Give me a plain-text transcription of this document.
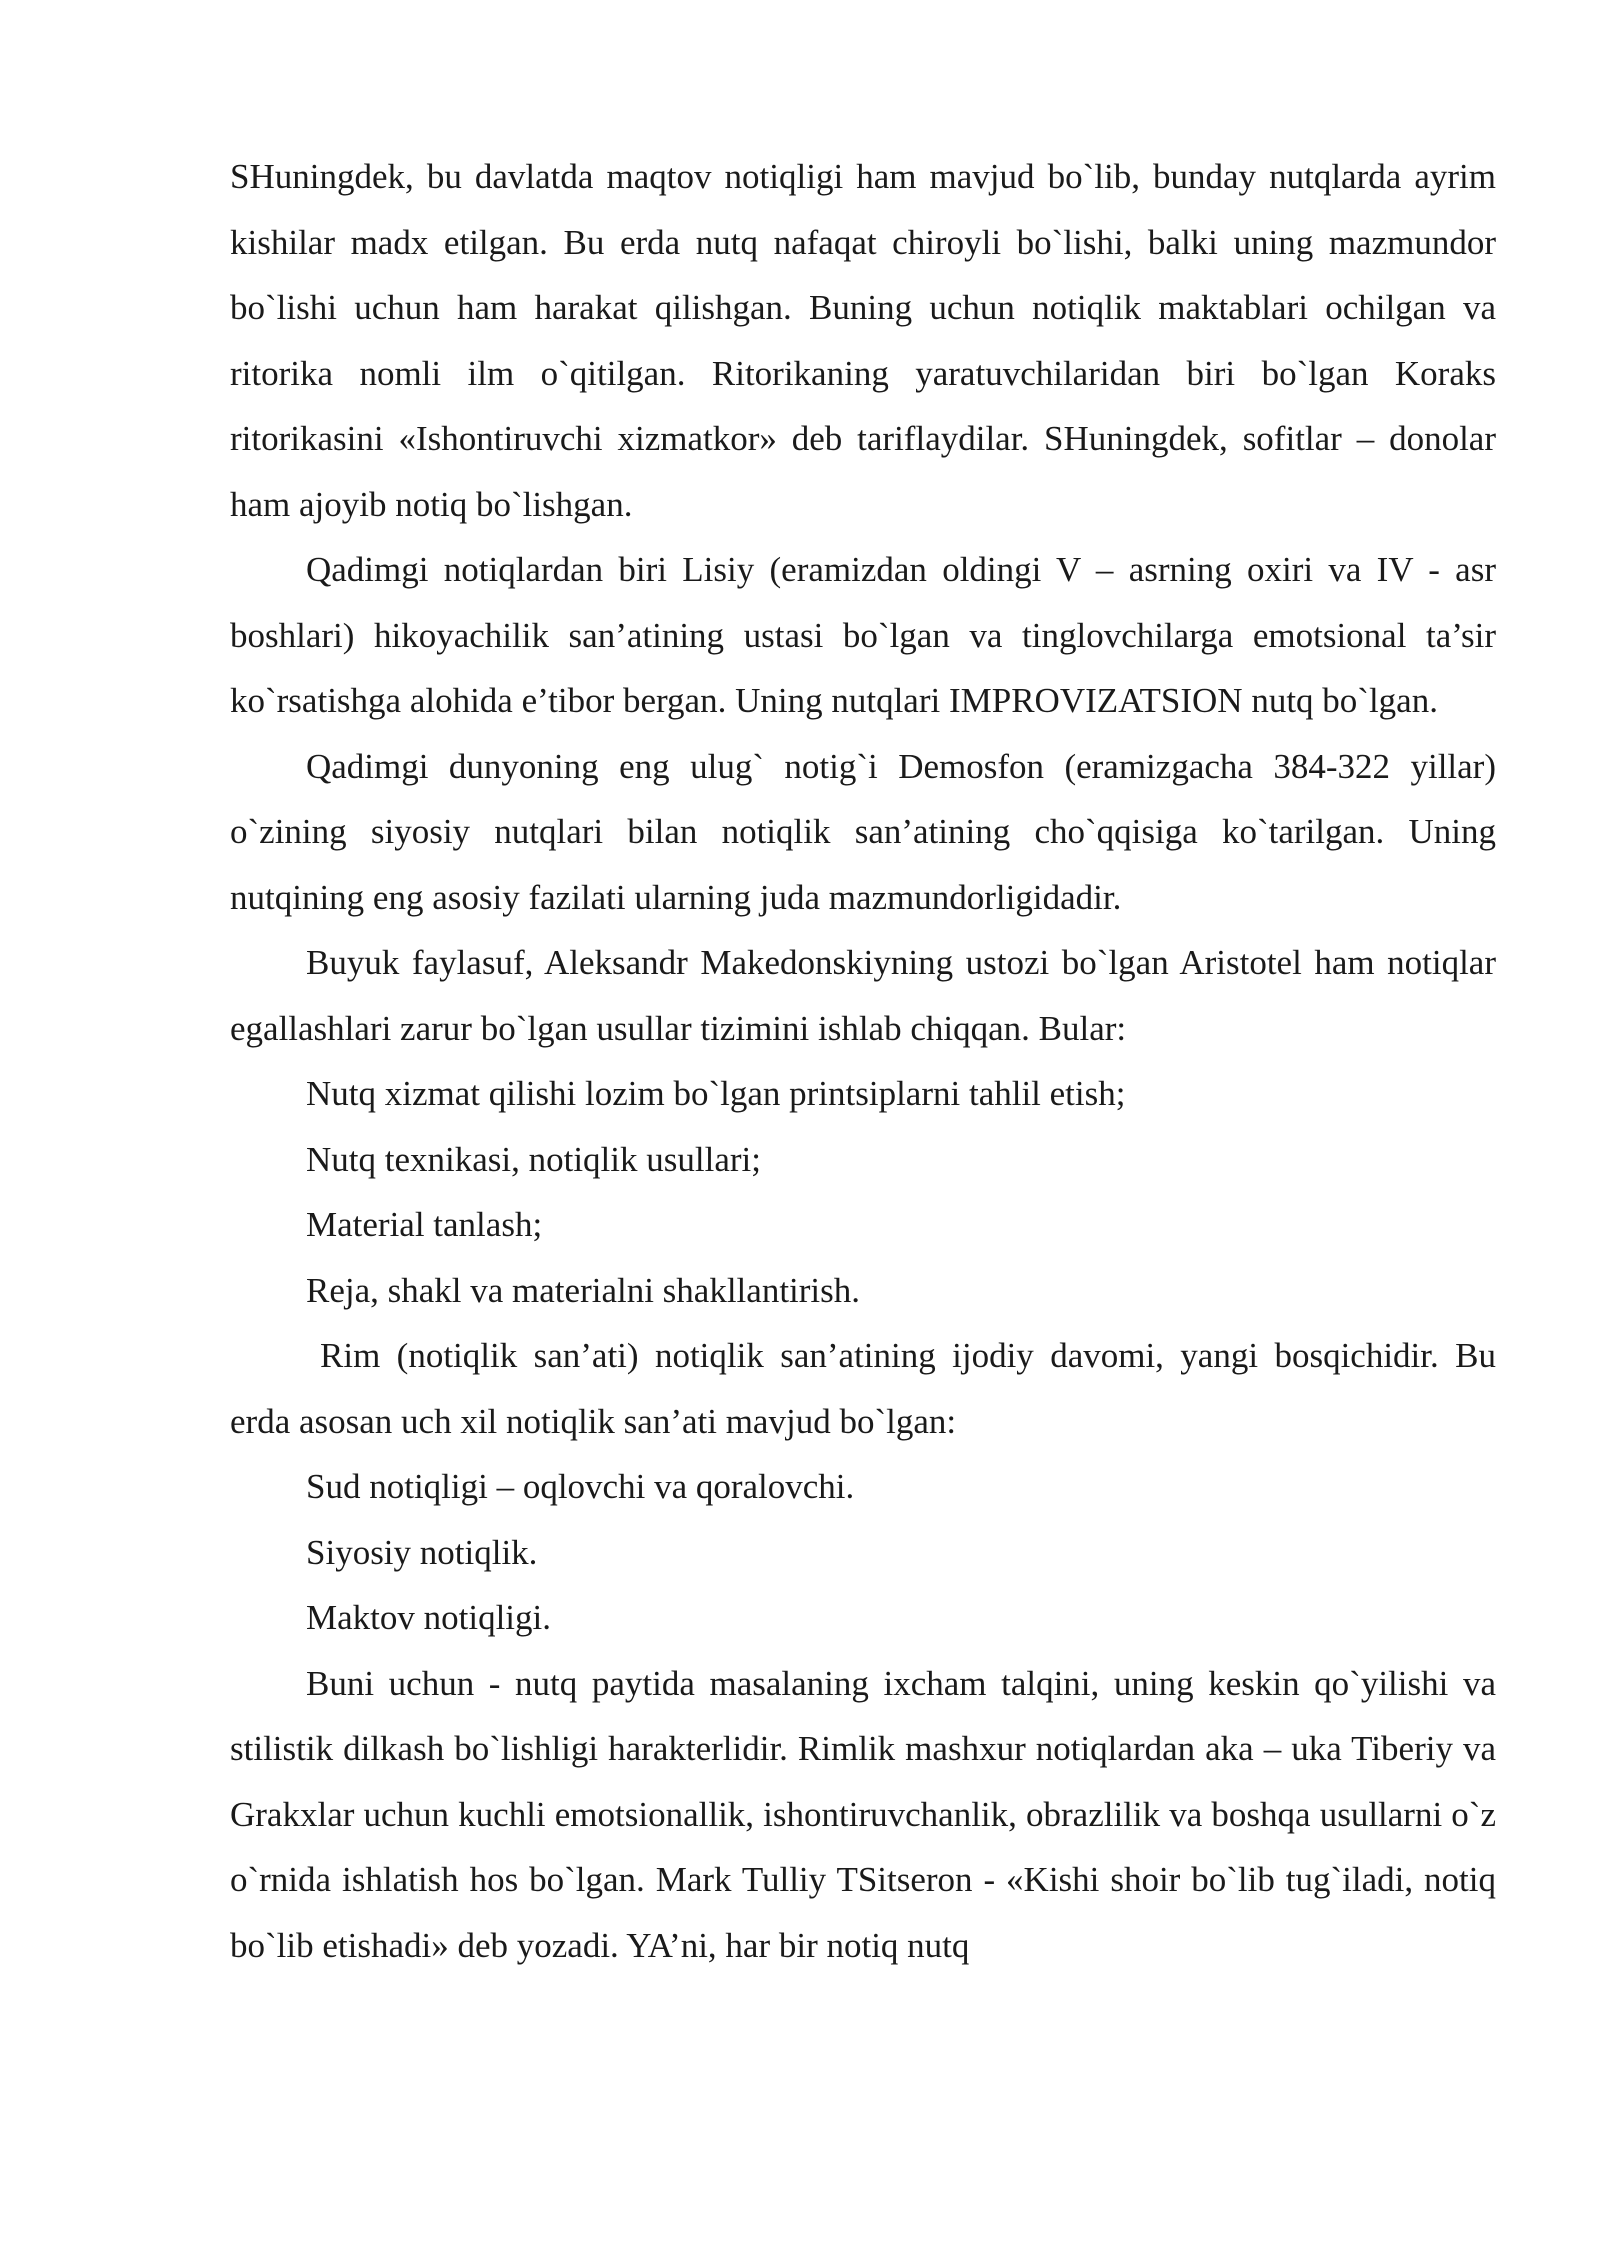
SHuningdek, bu davlatda maqtov notiqligi ham mavjud bo`lib, bunday nutqlarda ayrim kishilar madx etilgan. Bu erda nutq nafaqat chiroyli bo`lishi, balki uning mazmundor bo`lishi uchun ham harakat qilishgan. Buning uchun notiqlik maktablari ochilgan va ritorika nomli ilm o`qitilgan. Ritorikaning yaratuvchilaridan biri bo`lgan Koraks ritorikasini «Ishontiruvchi xizmatkor» deb tariflaydilar. SHuningdek, sofitlar – donolar ham ajoyib notiq bo`lishgan.

Qadimgi notiqlardan biri Lisiy (eramizdan oldingi V – asrning oxiri va IV - asr boshlari) hikoyachilik san’atining ustasi bo`lgan va tinglovchilarga emotsional ta’sir ko`rsatishga alohida e’tibor bergan. Uning nutqlari IMPROVIZATSION nutq bo`lgan.

Qadimgi dunyoning eng ulug` notig`i Demosfon (eramizgacha 384-322 yillar) o`zining siyosiy nutqlari bilan notiqlik san’atining cho`qqisiga ko`tarilgan. Uning nutqining eng asosiy fazilati ularning juda mazmundorligidadir.

Buyuk faylasuf, Aleksandr Makedonskiyning ustozi bo`lgan Aristotel ham notiqlar egallashlari zarur bo`lgan usullar tizimini ishlab chiqqan. Bular:

Nutq xizmat qilishi lozim bo`lgan printsiplarni tahlil etish;

Nutq texnikasi, notiqlik usullari;

Material tanlash;

Reja, shakl va materialni shakllantirish.

Rim (notiqlik san’ati) notiqlik san’atining ijodiy davomi, yangi bosqichidir. Bu erda asosan uch xil notiqlik san’ati mavjud bo`lgan:

Sud notiqligi – oqlovchi va qoralovchi.

Siyosiy notiqlik.

Maktov notiqligi.

Buni uchun - nutq paytida masalaning ixcham talqini, uning keskin qo`yilishi va stilistik dilkash bo`lishligi harakterlidir. Rimlik mashxur notiqlardan aka – uka Tiberiy va Grakxlar uchun kuchli emotsionallik, ishontiruvchanlik, obrazlilik va boshqa usullarni o`z o`rnida ishlatish hos bo`lgan. Mark Tulliy TSitseron - «Kishi shoir bo`lib tug`iladi, notiq bo`lib etishadi» deb yozadi. YA’ni, har bir notiq nutq
